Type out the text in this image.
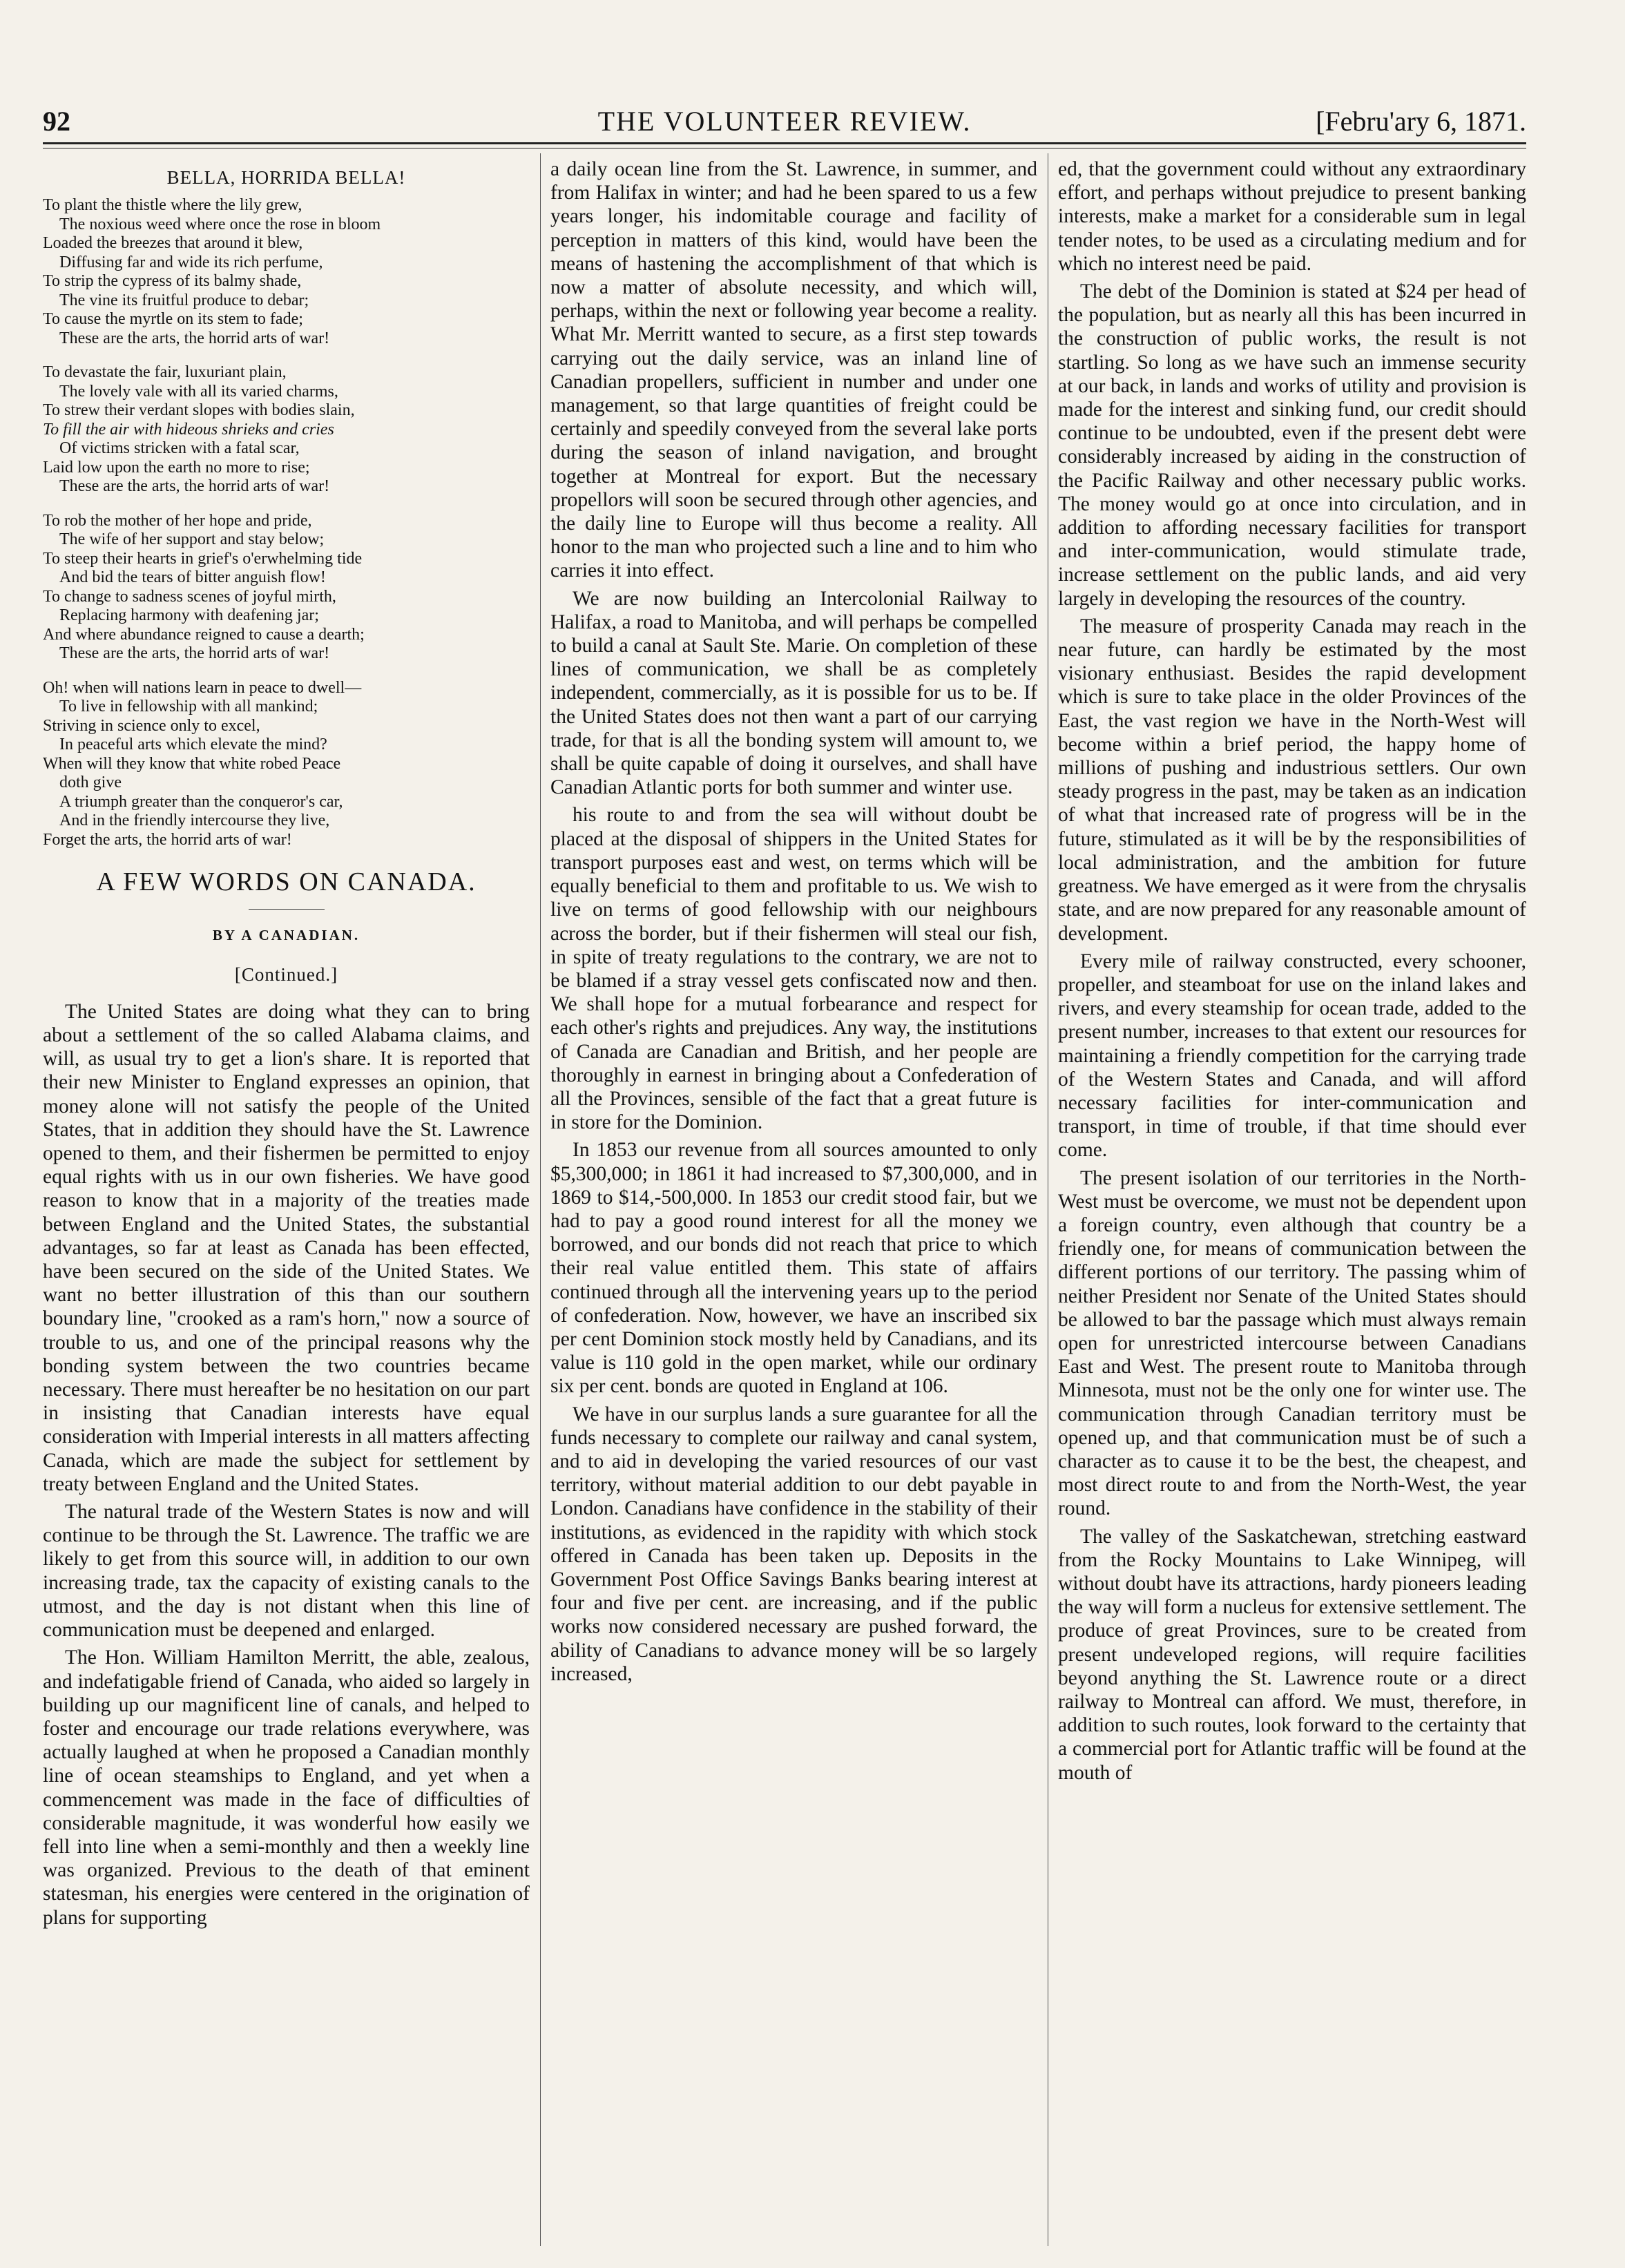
THE VOLUNTEER REVIEW.
92	[Febru'ary 6, 1871.
BELLA, HORRIDA BELLA!
To plant the thistle where the lily grew,
The noxious weed where once the rose in bloom
Loaded the breezes that around it blew,
Diffusing far and wide its rich perfume,
To strip the cypress of its balmy shade,
The vine its fruitful produce to debar;
To cause the myrtle on its stem to fade;
These are the arts, the horrid arts of war!
To devastate the fair, luxuriant plain,
The lovely vale with all its varied charms,
To strew their verdant slopes with bodies slain,
To fill the air with hideous shrieks and cries
Of victims stricken with a fatal scar,
Laid low upon the earth no more to rise;
These are the arts, the horrid arts of war!
To rob the mother of her hope and pride,
The wife of her support and stay below;
To steep their hearts in grief's o'erwhelming tide
And bid the tears of bitter anguish flow!
To change to sadness scenes of joyful mirth,
Replacing harmony with deafening jar;
And where abundance reigned to cause a dearth;
These are the arts, the horrid arts of war!
Oh! when will nations learn in peace to dwell—
To live in fellowship with all mankind;
Striving in science only to excel,
In peaceful arts which elevate the mind?
When will they know that white robed Peace
doth give
A triumph greater than the conqueror's car,
And in the friendly intercourse they live,
Forget the arts, the horrid arts of war!
A FEW WORDS ON CANADA.
BY A CANADIAN.
[Continued.]

The United States are doing what they can to bring about a settlement of the so called Alabama claims, and will, as usual try to get a lion's share. It is reported that their new Minister to England expresses an opinion, that money alone will not satisfy the people of the United States, that in addition they should have the St. Lawrence opened to them, and their fishermen be permitted to enjoy equal rights with us in our own fisheries. We have good reason to know that in a majority of the treaties made between England and the United States, the substantial advantages, so far at least as Canada has been effected, have been secured on the side of the United States. We want no better illustration of this than our southern boundary line, "crooked as a ram's horn," now a source of trouble to us, and one of the principal reasons why the bonding system between the two countries became necessary. There must hereafter be no hesitation on our part in insisting that Canadian interests have equal consideration with Imperial interests in all matters affecting Canada, which are made the subject for settlement by treaty between England and the United States.

The natural trade of the Western States is now and will continue to be through the St. Lawrence. The traffic we are likely to get from this source will, in addition to our own increasing trade, tax the capacity of existing canals to the utmost, and the day is not distant when this line of communication must be deepened and enlarged.

The Hon. William Hamilton Merritt, the able, zealous, and indefatigable friend of Canada, who aided so largely in building up our magnificent line of canals, and helped to foster and encourage our trade relations everywhere, was actually laughed at when he proposed a Canadian monthly line of ocean steamships to England, and yet when a commencement was made in the face of difficulties of considerable magnitude, it was wonderful how easily we fell into line when a semi-monthly and then a weekly line was organized. Previous to the death of that eminent statesman, his energies were centered in the origination of plans for supporting

a daily ocean line from the St. Lawrence, in summer, and from Halifax in winter; and had he been spared to us a few years longer, his indomitable courage and facility of perception in matters of this kind, would have been the means of hastening the accomplishment of that which is now a matter of absolute necessity, and which will, perhaps, within the next or following year become a reality. What Mr. Merritt wanted to secure, as a first step towards carrying out the daily service, was an inland line of Canadian propellers, sufficient in number and under one management, so that large quantities of freight could be certainly and speedily conveyed from the several lake ports during the season of inland navigation, and brought together at Montreal for export. But the necessary propellors will soon be secured through other agencies, and the daily line to Europe will thus become a reality. All honor to the man who projected such a line and to him who carries it into effect.

We are now building an Intercolonial Railway to Halifax, a road to Manitoba, and will perhaps be compelled to build a canal at Sault Ste. Marie. On completion of these lines of communication, we shall be as completely independent, commercially, as it is possible for us to be. If the United States does not then want a part of our carrying trade, for that is all the bonding system will amount to, we shall be quite capable of doing it ourselves, and shall have Canadian Atlantic ports for both summer and winter use.

his route to and from the sea will without doubt be placed at the disposal of shippers in the United States for transport purposes east and west, on terms which will be equally beneficial to them and profitable to us. We wish to live on terms of good fellowship with our neighbours across the border, but if their fishermen will steal our fish, in spite of treaty regulations to the contrary, we are not to be blamed if a stray vessel gets confiscated now and then. We shall hope for a mutual forbearance and respect for each other's rights and prejudices. Any way, the institutions of Canada are Canadian and British, and her people are thoroughly in earnest in bringing about a Confederation of all the Provinces, sensible of the fact that a great future is in store for the Dominion.

In 1853 our revenue from all sources amounted to only $5,300,000; in 1861 it had increased to $7,300,000, and in 1869 to $14,-500,000. In 1853 our credit stood fair, but we had to pay a good round interest for all the money we borrowed, and our bonds did not reach that price to which their real value entitled them. This state of affairs continued through all the intervening years up to the period of confederation. Now, however, we have an inscribed six per cent Dominion stock mostly held by Canadians, and its value is 110 gold in the open market, while our ordinary six per cent. bonds are quoted in England at 106.

We have in our surplus lands a sure guarantee for all the funds necessary to complete our railway and canal system, and to aid in developing the varied resources of our vast territory, without material addition to our debt payable in London. Canadians have confidence in the stability of their institutions, as evidenced in the rapidity with which stock offered in Canada has been taken up. Deposits in the Government Post Office Savings Banks bearing interest at four and five per cent. are increasing, and if the public works now considered necessary are pushed forward, the ability of Canadians to advance money will be so largely increased,

ed, that the government could without any extraordinary effort, and perhaps without prejudice to present banking interests, make a market for a considerable sum in legal tender notes, to be used as a circulating medium and for which no interest need be paid.

The debt of the Dominion is stated at $24 per head of the population, but as nearly all this has been incurred in the construction of public works, the result is not startling. So long as we have such an immense security at our back, in lands and works of utility and provision is made for the interest and sinking fund, our credit should continue to be undoubted, even if the present debt were considerably increased by aiding in the construction of the Pacific Railway and other necessary public works. The money would go at once into circulation, and in addition to affording necessary facilities for transport and inter-communication, would stimulate trade, increase settlement on the public lands, and aid very largely in developing the resources of the country.

The measure of prosperity Canada may reach in the near future, can hardly be estimated by the most visionary enthusiast. Besides the rapid development which is sure to take place in the older Provinces of the East, the vast region we have in the North-West will become within a brief period, the happy home of millions of pushing and industrious settlers. Our own steady progress in the past, may be taken as an indication of what that increased rate of progress will be in the future, stimulated as it will be by the responsibilities of local administration, and the ambition for future greatness. We have emerged as it were from the chrysalis state, and are now prepared for any reasonable amount of development.

Every mile of railway constructed, every schooner, propeller, and steamboat for use on the inland lakes and rivers, and every steamship for ocean trade, added to the present number, increases to that extent our resources for maintaining a friendly competition for the carrying trade of the Western States and Canada, and will afford necessary facilities for inter-communication and transport, in time of trouble, if that time should ever come.

The present isolation of our territories in the North-West must be overcome, we must not be dependent upon a foreign country, even although that country be a friendly one, for means of communication between the different portions of our territory. The passing whim of neither President nor Senate of the United States should be allowed to bar the passage which must always remain open for unrestricted intercourse between Canadians East and West. The present route to Manitoba through Minnesota, must not be the only one for winter use. The communication through Canadian territory must be opened up, and that communication must be of such a character as to cause it to be the best, the cheapest, and most direct route to and from the North-West, the year round.

The valley of the Saskatchewan, stretching eastward from the Rocky Mountains to Lake Winnipeg, will without doubt have its attractions, hardy pioneers leading the way will form a nucleus for extensive settlement. The produce of great Provinces, sure to be created from present undeveloped regions, will require facilities beyond anything the St. Lawrence route or a direct railway to Montreal can afford. We must, therefore, in addition to such routes, look forward to the certainty that a commercial port for Atlantic traffic will be found at the mouth of
